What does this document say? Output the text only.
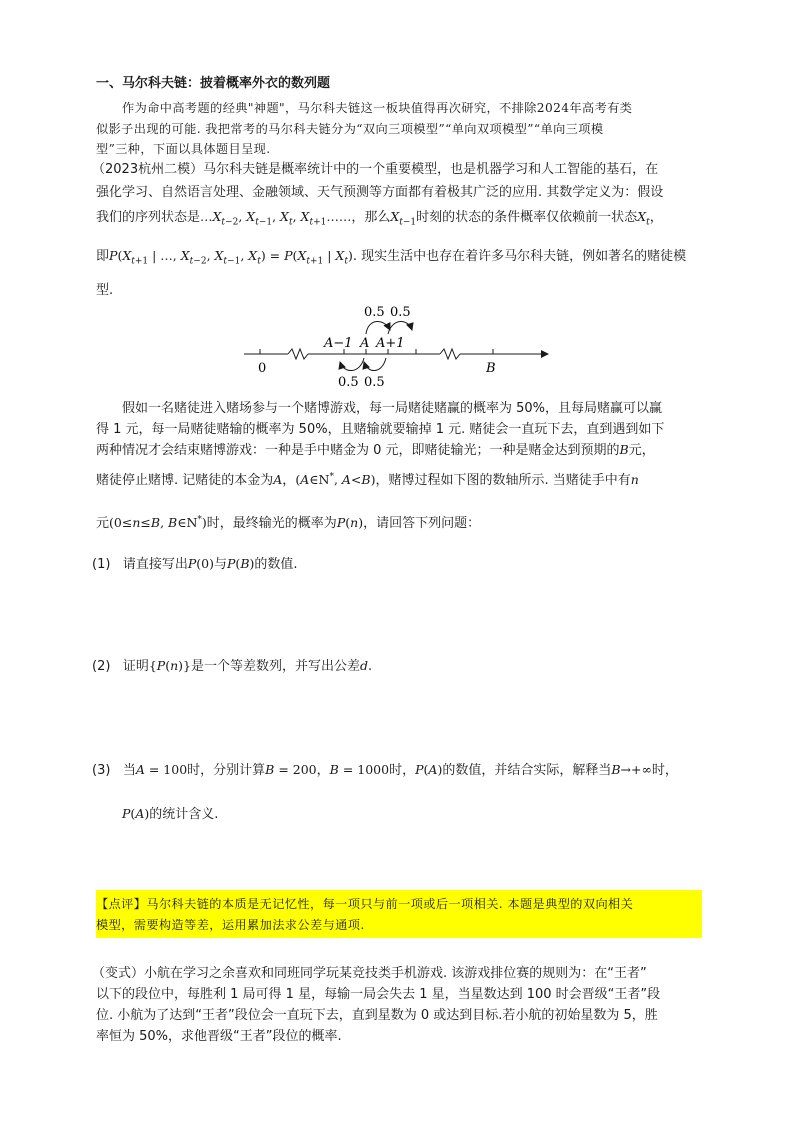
一、马尔科夫链：披着概率外衣的数列题
作为命中高考题的经典"神题"，马尔科夫链这一板块值得再次研究，不排除2024年高考有类
似影子出现的可能. 我把常考的马尔科夫链分为“双向三项模型”“单向双项模型”“单向三项模
型”三种，下面以具体题目呈现.
（2023杭州二模）马尔科夫链是概率统计中的一个重要模型，也是机器学习和人工智能的基石，在
强化学习、自然语言处理、金融领域、天气预测等方面都有着极其广泛的应用. 其数学定义为：假设
我们的序列状态是$\dots X_{t-2}$, $X_{t-1}$, $X_t$, $X_{t+1}\dots\dots$，那么$X_{t-1}$时刻的状态的条件概率仅依赖前一状态$X_t$，
即$P(X_{t+1}$ | …, $X_{t-2}$, $X_{t-1}$, $X_t) = P(X_{t+1}$ | $X_t$). 现实生活中也存在着许多马尔科夫链，例如著名的赌徒模
型.
0
A−1 A A+1
B
0.5 0.5
0.5 0.5
假如一名赌徒进入赌场参与一个赌博游戏，每一局赌徒赌赢的概率为 50%，且每局赌赢可以赢
得 1 元，每一局赌徒赌输的概率为 50%，且赌输就要输掉 1 元. 赌徒会一直玩下去，直到遇到如下
两种情况才会结束赌博游戏：一种是手中赌金为 0 元，即赌徒输光；一种是赌金达到预期的B元，
赌徒停止赌博. 记赌徒的本金为A，(A∈N*, A<B)，赌博过程如下图的数轴所示. 当赌徒手中有n
元(0≤n≤B, B∈N*)时，最终输光的概率为P(n)，请回答下列问题：
(1) 请直接写出P(0)与P(B)的数值.
(2) 证明{P(n)}是一个等差数列，并写出公差d.
(3) 当A = 100时，分别计算B = 200，B = 1000时，P(A)的数值，并结合实际，解释当B→+∞时，
P(A)的统计含义.
【点评】马尔科夫链的本质是无记忆性，每一项只与前一项或后一项相关. 本题是典型的双向相关
模型，需要构造等差，运用累加法求公差与通项.
（变式）小航在学习之余喜欢和同班同学玩某竞技类手机游戏. 该游戏排位赛的规则为：在“王者”
以下的段位中，每胜利 1 局可得 1 星，每输一局会失去 1 星，当星数达到 100 时会晋级“王者”段
位. 小航为了达到“王者”段位会一直玩下去，直到星数为 0 或达到目标.若小航的初始星数为 5，胜
率恒为 50%，求他晋级“王者”段位的概率.
